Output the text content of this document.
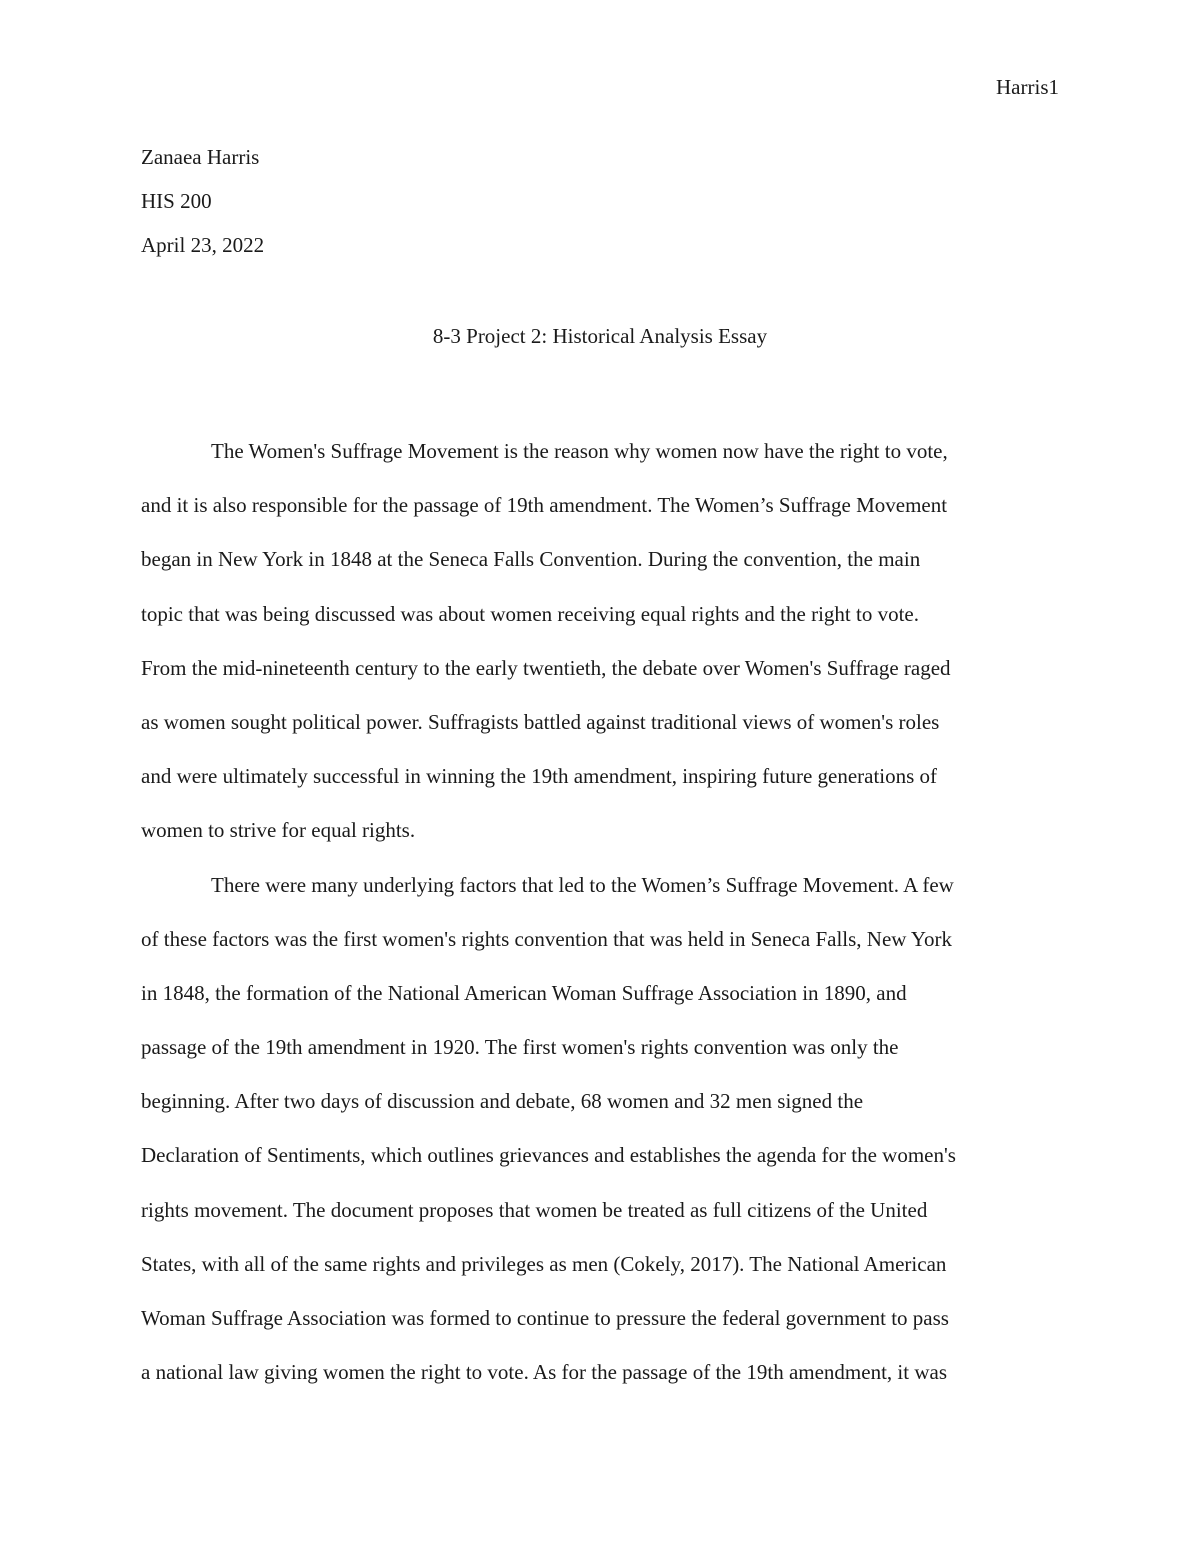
Harris1
Zanaea Harris
HIS 200
April 23, 2022
8-3 Project 2: Historical Analysis Essay
The Women's Suffrage Movement is the reason why women now have the right to vote,
and it is also responsible for the passage of 19th amendment. The Women’s Suffrage Movement
began in New York in 1848 at the Seneca Falls Convention. During the convention, the main
topic that was being discussed was about women receiving equal rights and the right to vote.
From the mid-nineteenth century to the early twentieth, the debate over Women's Suffrage raged
as women sought political power. Suffragists battled against traditional views of women's roles
and were ultimately successful in winning the 19th amendment, inspiring future generations of
women to strive for equal rights.
There were many underlying factors that led to the Women’s Suffrage Movement. A few
of these factors was the first women's rights convention that was held in Seneca Falls, New York
in 1848, the formation of the National American Woman Suffrage Association in 1890, and
passage of the 19th amendment in 1920. The first women's rights convention was only the
beginning. After two days of discussion and debate, 68 women and 32 men signed the
Declaration of Sentiments, which outlines grievances and establishes the agenda for the women's
rights movement. The document proposes that women be treated as full citizens of the United
States, with all of the same rights and privileges as men (Cokely, 2017). The National American
Woman Suffrage Association was formed to continue to pressure the federal government to pass
a national law giving women the right to vote. As for the passage of the 19th amendment, it was
